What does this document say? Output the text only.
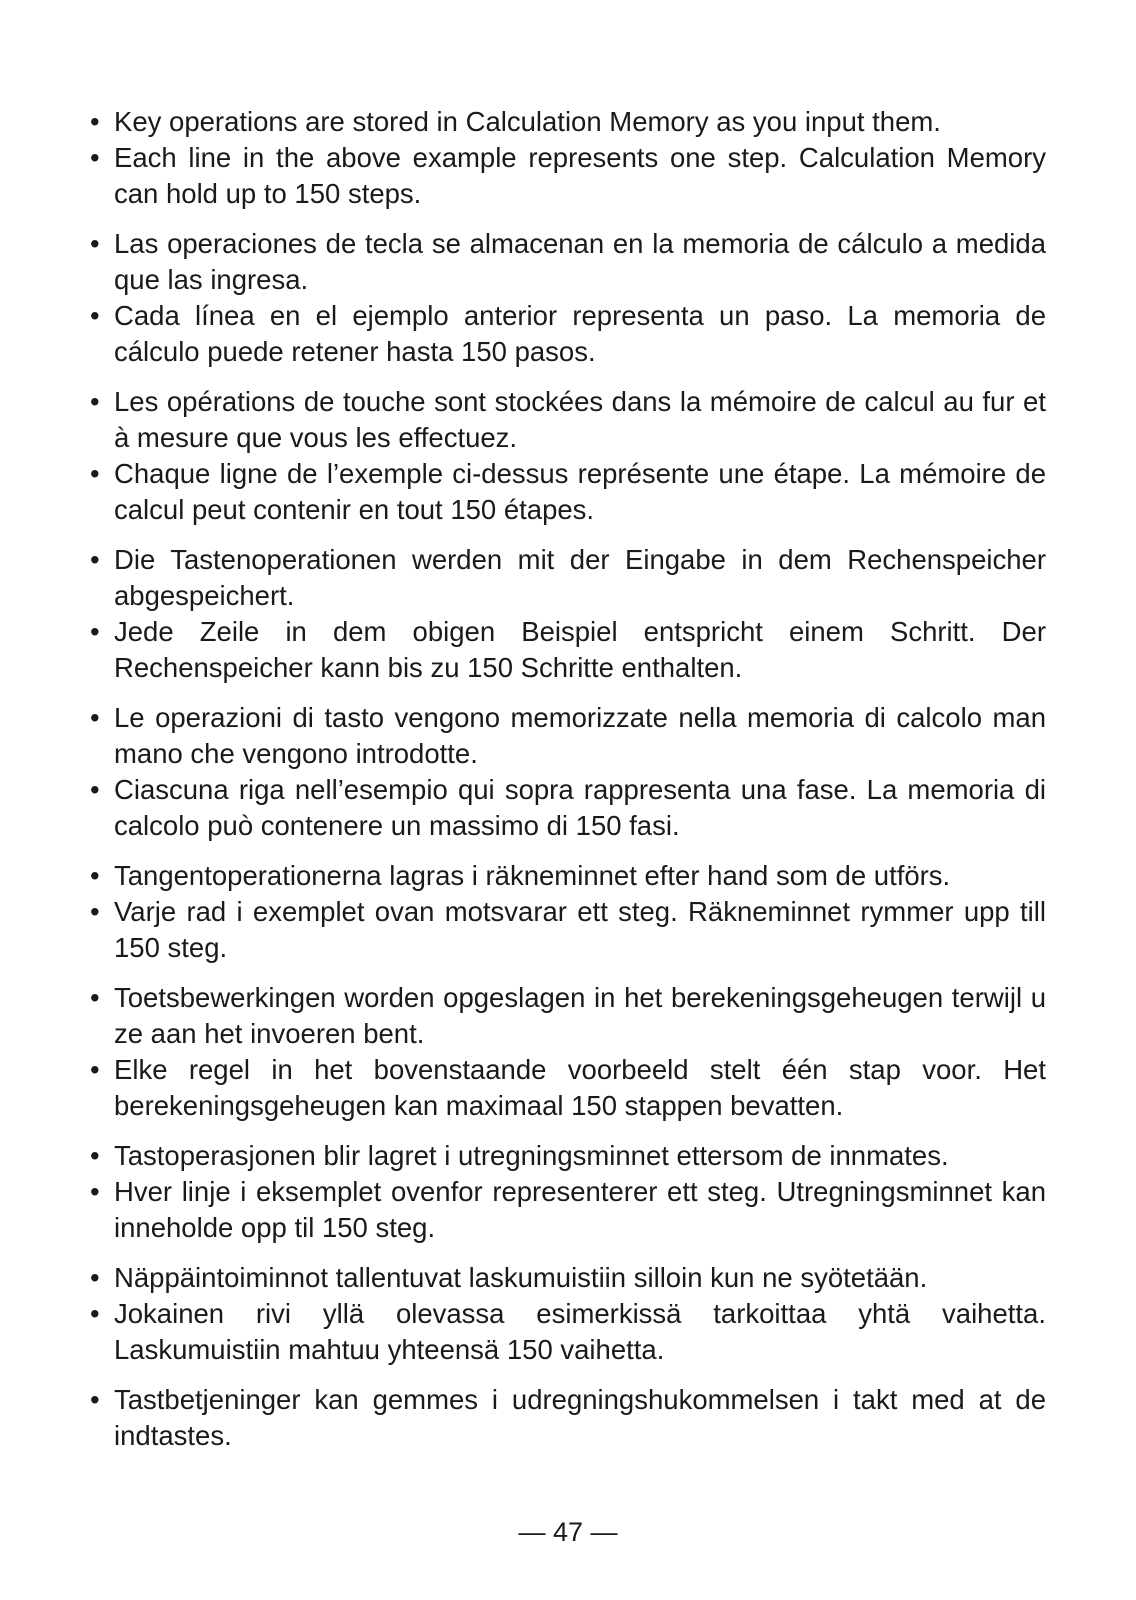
• Key operations are stored in Calculation Memory as you input them.
• Each line in the above example represents one step. Calculation Memory can hold up to 150 steps.
• Las operaciones de tecla se almacenan en la memoria de cálculo a medida que las ingresa.
• Cada línea en el ejemplo anterior representa un paso. La memoria de cálculo puede retener hasta 150 pasos.
• Les opérations de touche sont stockées dans la mémoire de calcul au fur et à mesure que vous les effectuez.
• Chaque ligne de l’exemple ci-dessus représente une étape. La mémoire de calcul peut contenir en tout 150 étapes.
• Die Tastenoperationen werden mit der Eingabe in dem Rechenspeicher abgespeichert.
• Jede Zeile in dem obigen Beispiel entspricht einem Schritt. Der Rechenspeicher kann bis zu 150 Schritte enthalten.
• Le operazioni di tasto vengono memorizzate nella memoria di calcolo man mano che vengono introdotte.
• Ciascuna riga nell’esempio qui sopra rappresenta una fase. La memoria di calcolo può contenere un massimo di 150 fasi.
• Tangentoperationerna lagras i räkneminnet efter hand som de utförs.
• Varje rad i exemplet ovan motsvarar ett steg. Räkneminnet rymmer upp till 150 steg.
• Toetsbewerkingen worden opgeslagen in het berekeningsgeheugen terwijl u ze aan het invoeren bent.
• Elke regel in het bovenstaande voorbeeld stelt één stap voor. Het berekeningsgeheugen kan maximaal 150 stappen bevatten.
• Tastoperasjonen blir lagret i utregningsminnet ettersom de innmates.
• Hver linje i eksemplet ovenfor representerer ett steg. Utregningsminnet kan inneholde opp til 150 steg.
• Näppäintoiminnot tallentuvat laskumuistiin silloin kun ne syötetään.
• Jokainen rivi yllä olevassa esimerkissä tarkoittaa yhtä vaihetta. Laskumuistiin mahtuu yhteensä 150 vaihetta.
• Tastbetjeninger kan gemmes i udregningshukommelsen i takt med at de indtastes.
— 47 —
